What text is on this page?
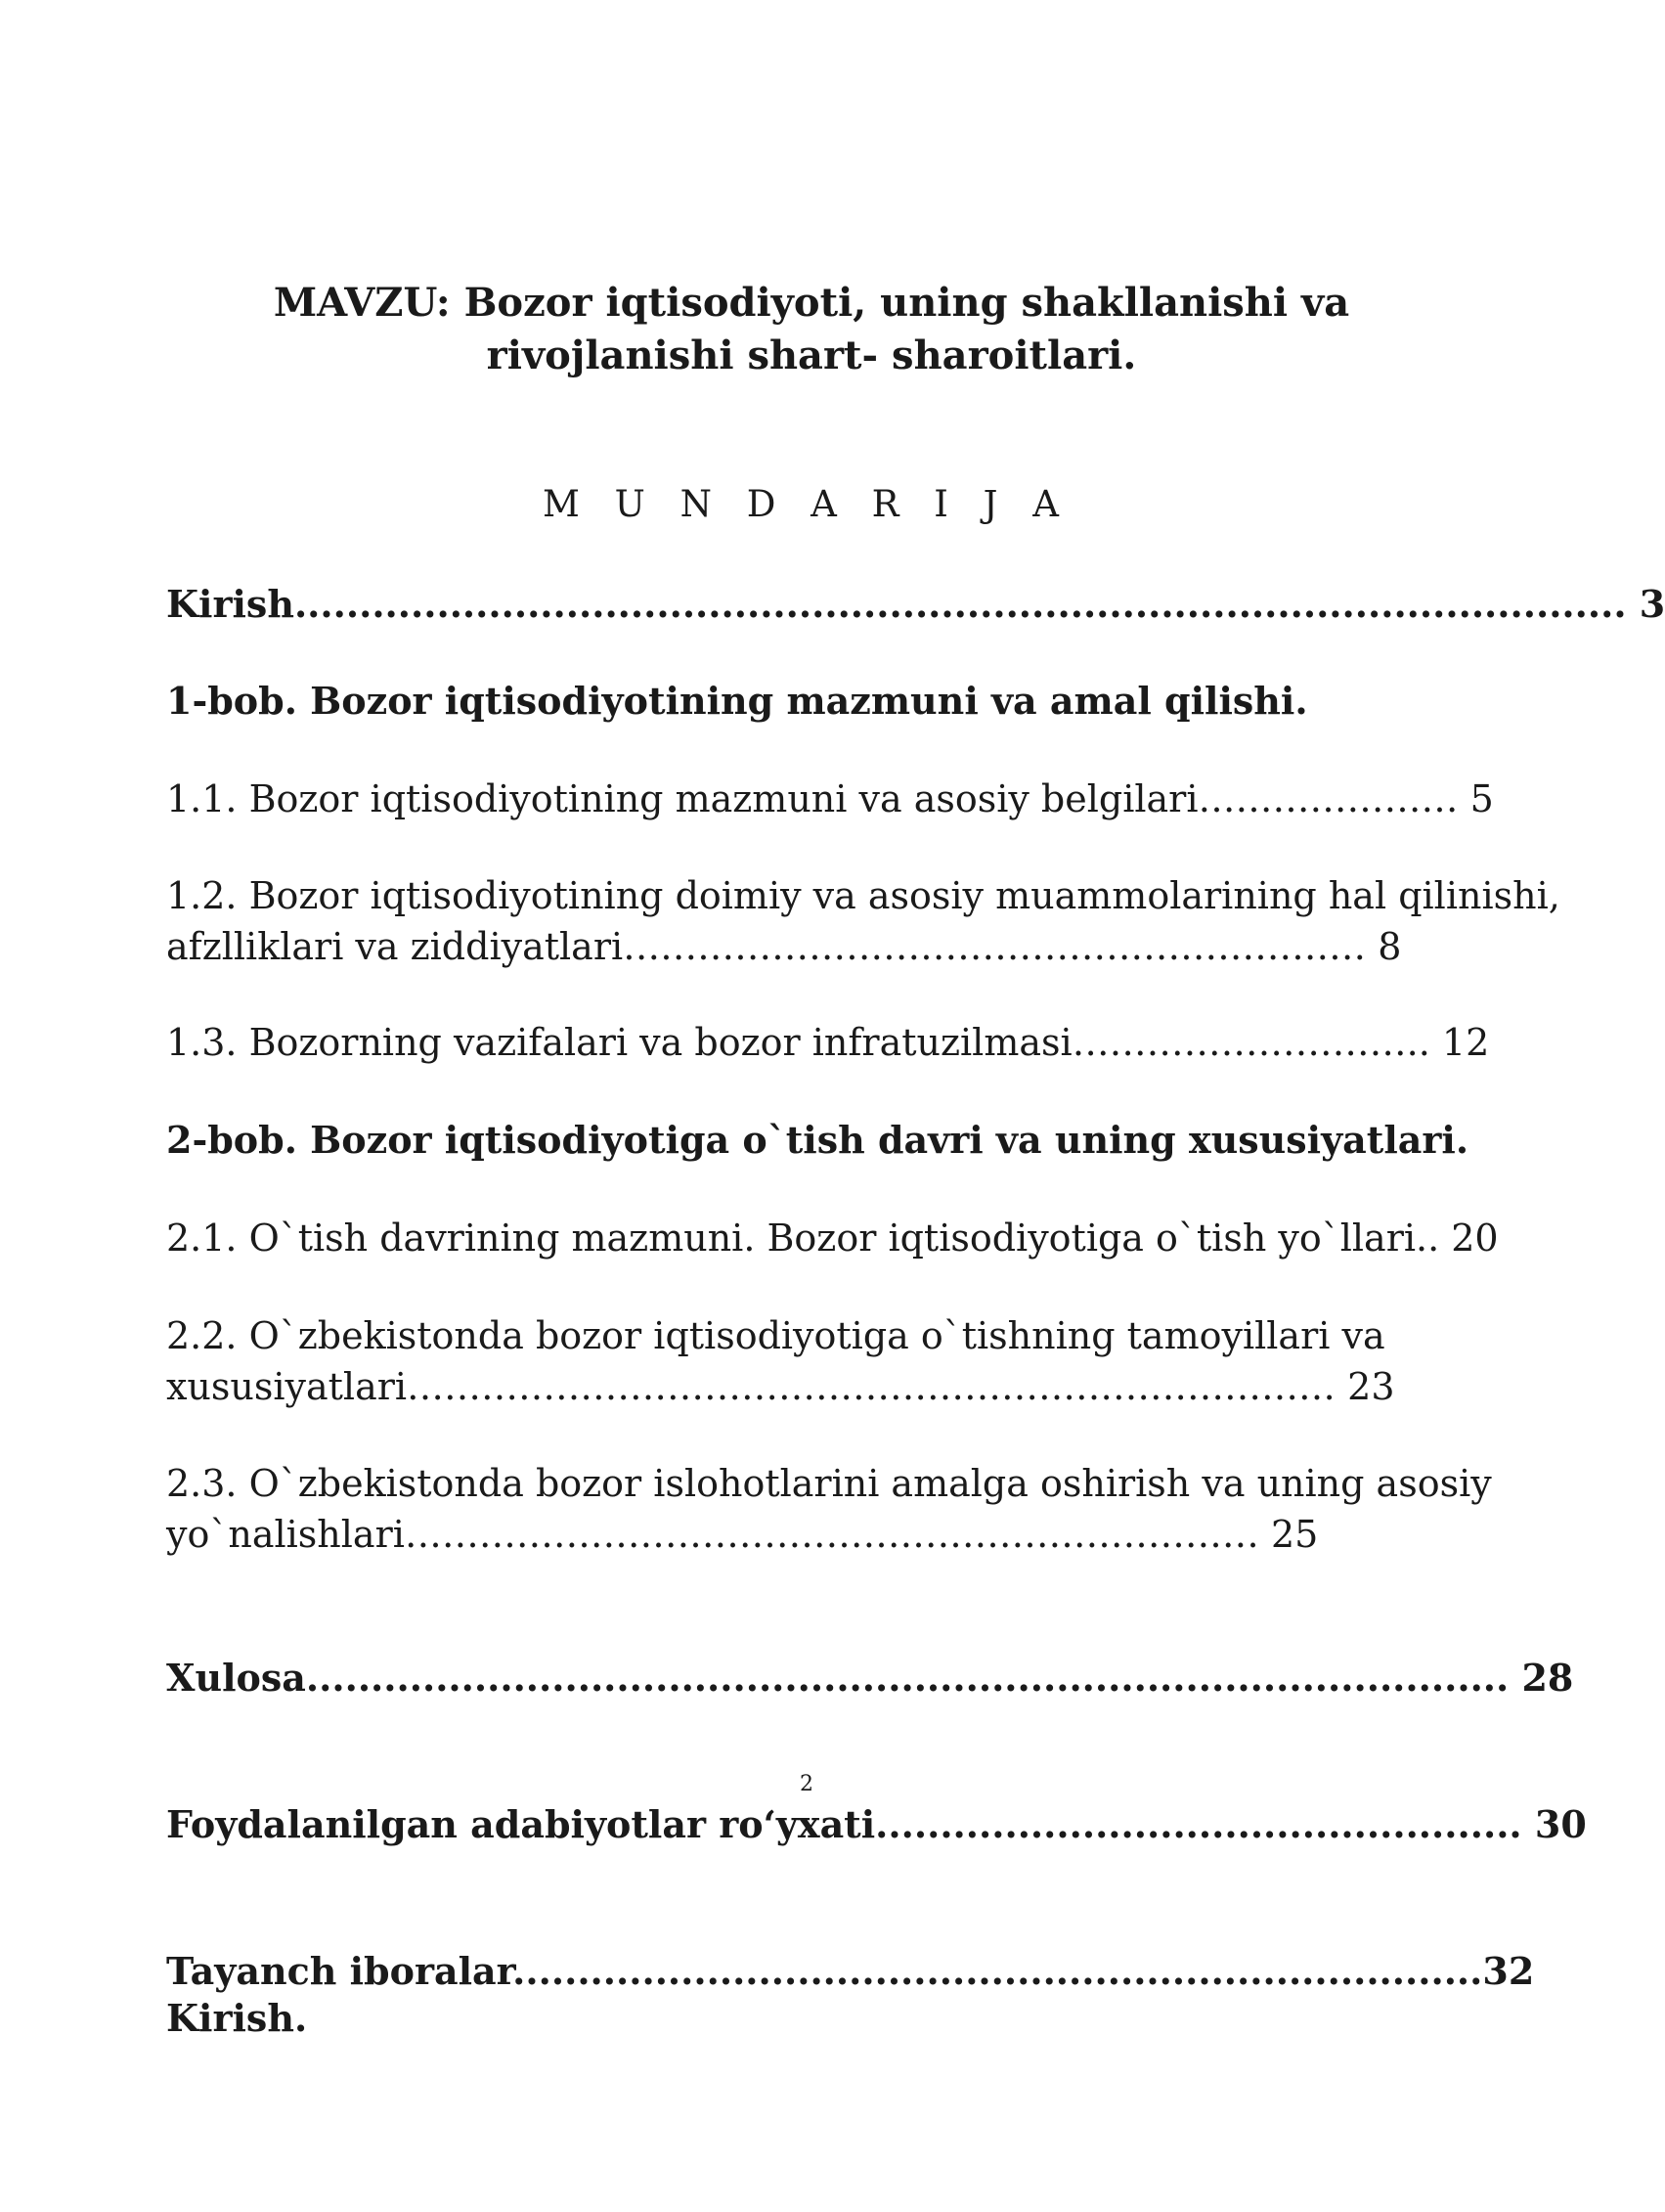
MAVZU: Bozor iqtisodiyoti, uning shakllanishi va
rivojlanishi shart- sharoitlari.

M U N D A R I J A

Kirish....................................................................................................... 3

1-bob. Bozor iqtisodiyotining mazmuni va amal qilishi.

1.1. Bozor iqtisodiyotining mazmuni va asosiy belgilari………………… 5

1.2. Bozor iqtisodiyotining doimiy va asosiy muammolarining hal qilinishi,
afzlliklari va ziddiyatlari…………………………………………………… 8

1.3. Bozorning vazifalari va bozor infratuzilmasi……………………….. 12

2-bob. Bozor iqtisodiyotiga o`tish davri va uning xususiyatlari.

2.1. O`tish davrining mazmuni. Bozor iqtisodiyotiga o`tish yo`llari.. 20

2.2. O`zbekistonda bozor iqtisodiyotiga o`tishning tamoyillari va
xususiyatlari………………………………………………………………… 23

2.3. O`zbekistonda bozor islohotlarini amalga oshirish va uning asosiy
yo`nalishlari…………………………………………………………… 25

Xulosa............................................................................................. 28

2

Foydalanilgan adabiyotlar ro‘yxati.................................................. 30

Tayanch iboralar...........................................................................32

Kirish.
